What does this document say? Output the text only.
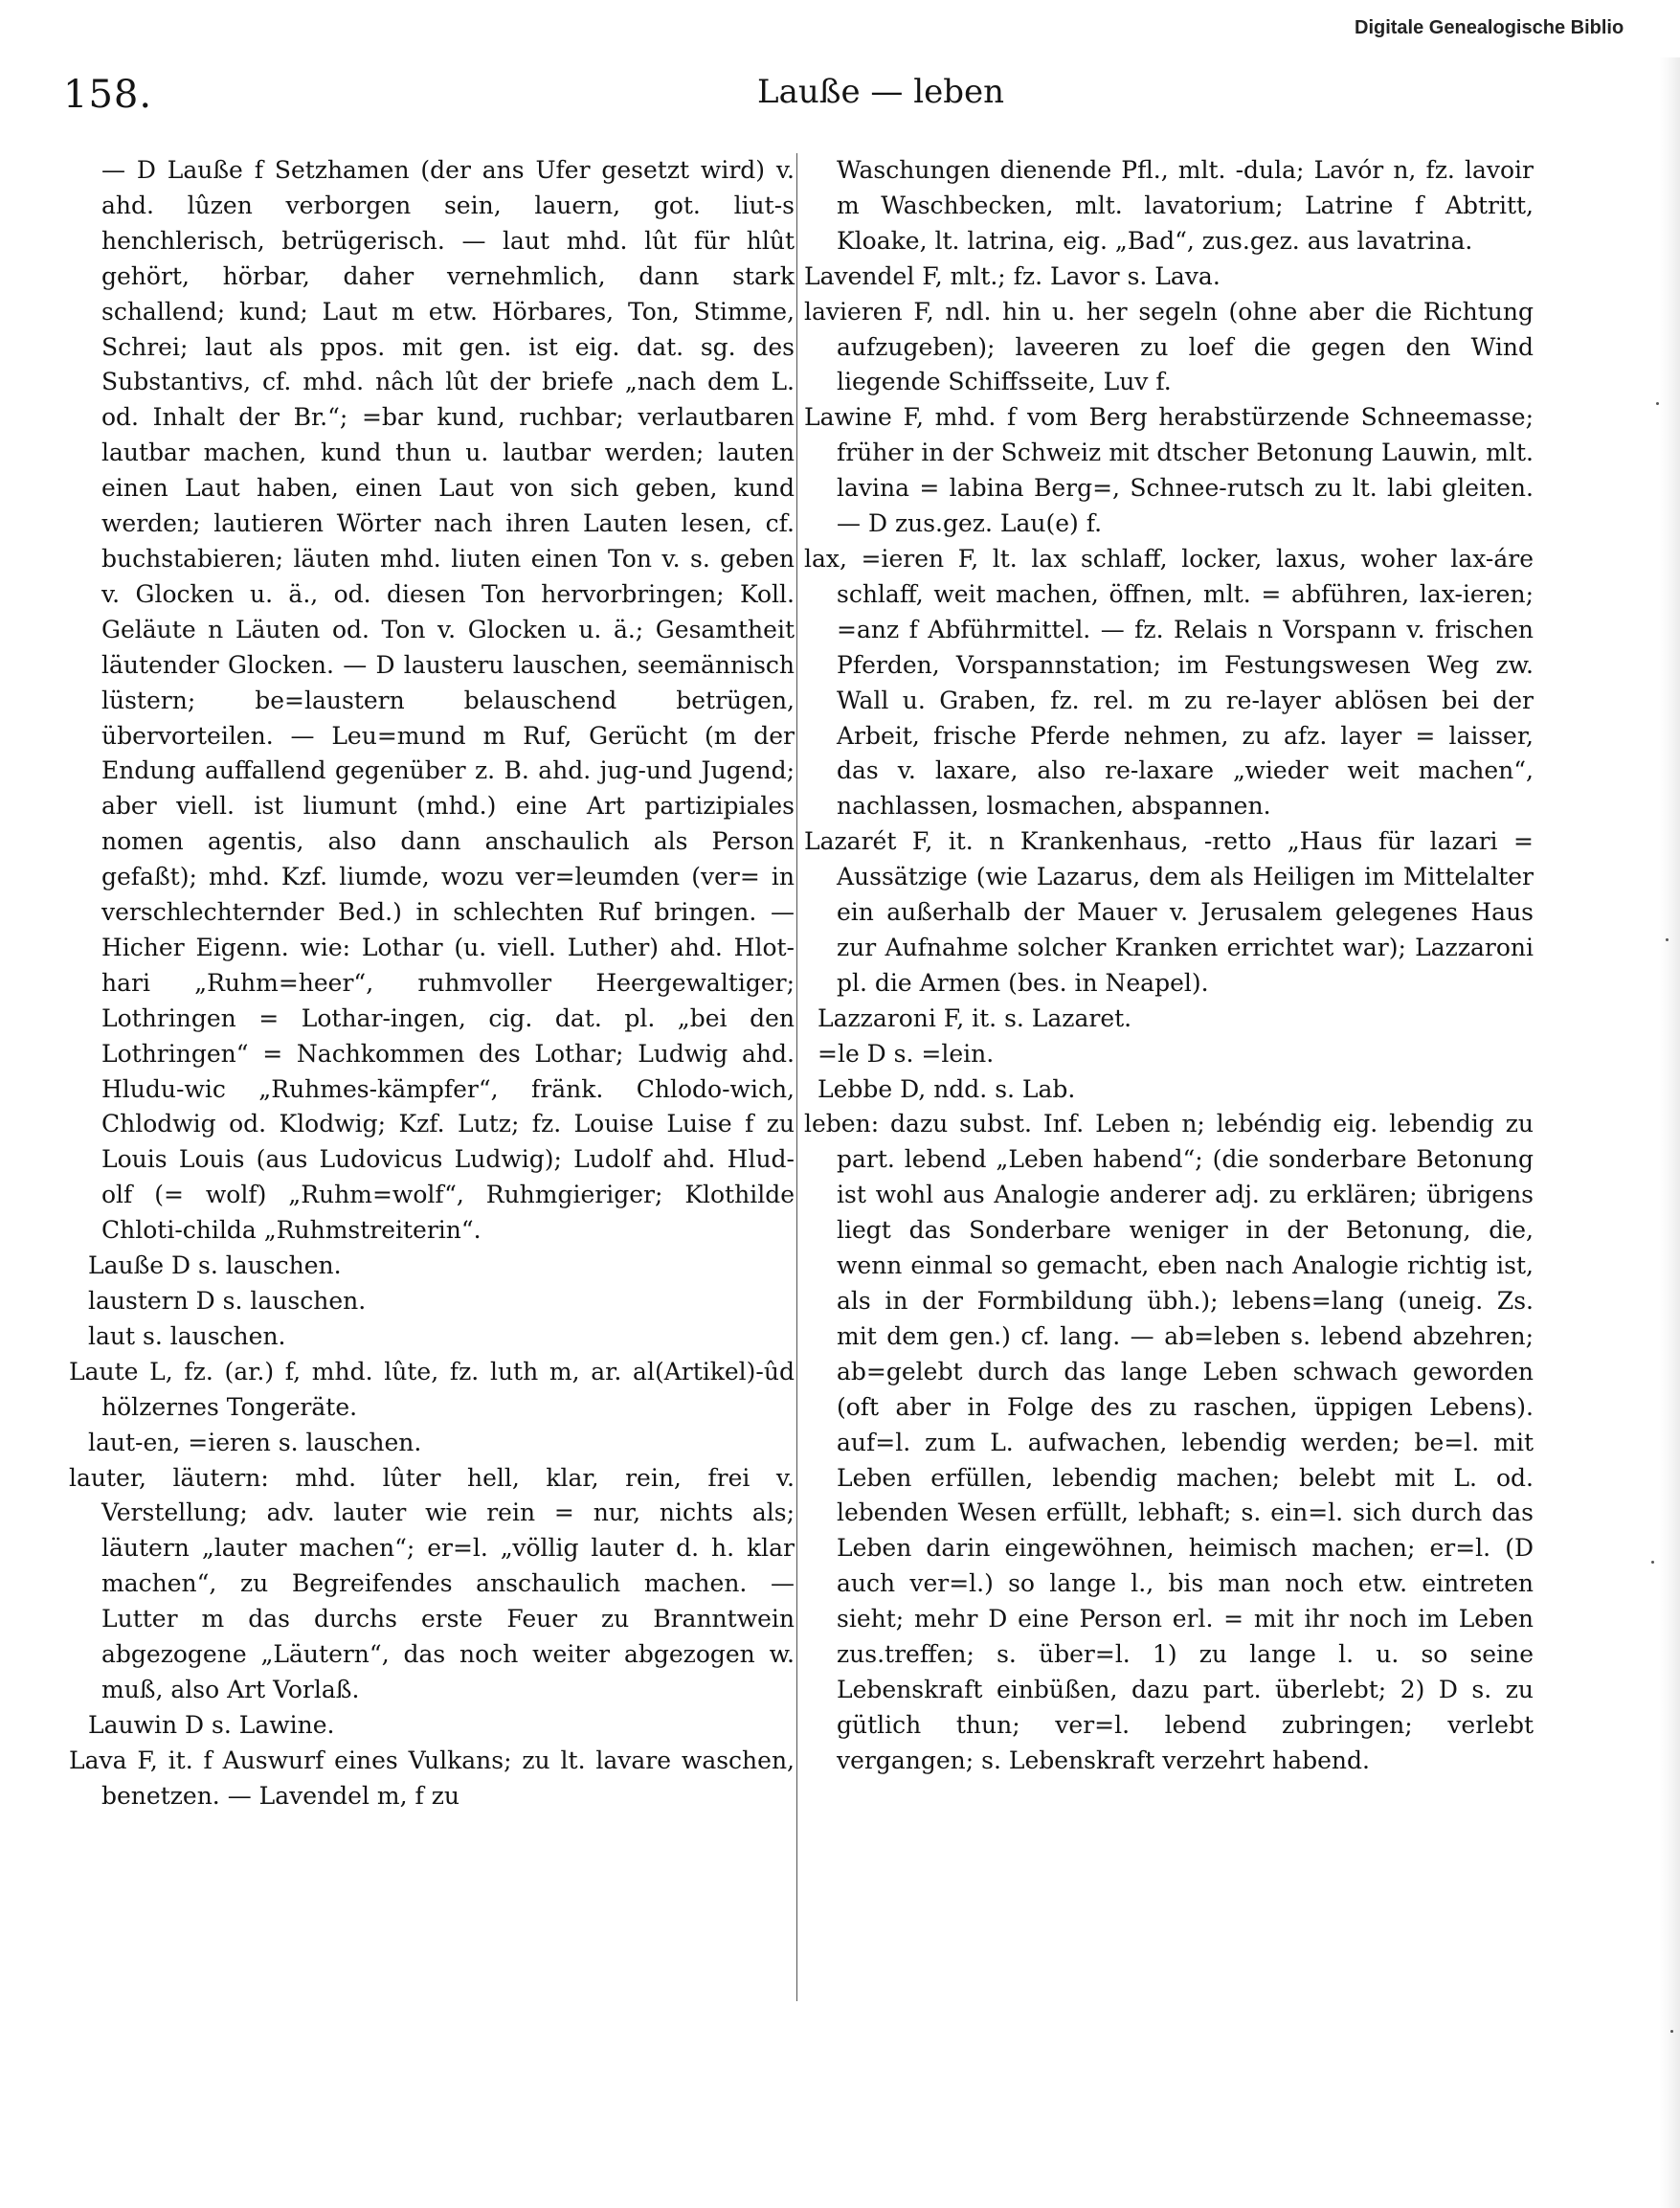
Digitale Genealogische Biblio
158.	Lauße — leben

— D Lauße f Setzhamen (der ans Ufer gesetzt wird) v. ahd. lûzen verborgen sein, lauern, got. liut-s henchlerisch, betrügerisch. — laut mhd. lût für hlût gehört, hörbar, daher vernehmlich, dann stark schallend; kund; Laut m etw. Hörbares, Ton, Stimme, Schrei; laut als ppos. mit gen. ist eig. dat. sg. des Substantivs, cf. mhd. nâch lût der briefe „nach dem L. od. Inhalt der Br.“; =bar kund, ruchbar; verlautbaren lautbar machen, kund thun u. lautbar werden; lauten einen Laut haben, einen Laut von sich geben, kund werden; lautieren Wörter nach ihren Lauten lesen, cf. buchstabieren; läuten mhd. liuten einen Ton v. s. geben v. Glocken u. ä., od. diesen Ton hervorbringen; Koll. Geläute n Läuten od. Ton v. Glocken u. ä.; Gesamtheit läutender Glocken. — D lausteru lauschen, seemännisch lüstern; be=laustern belauschend betrügen, übervorteilen. — Leu=mund m Ruf, Gerücht (m der Endung auffallend gegenüber z. B. ahd. jug-und Jugend; aber viell. ist liumunt (mhd.) eine Art partizipiales nomen agentis, also dann anschaulich als Person gefaßt); mhd. Kzf. liumde, wozu ver=leumden (ver= in verschlechternder Bed.) in schlechten Ruf bringen. — Hicher Eigenn. wie: Lothar (u. viell. Luther) ahd. Hlot-hari „Ruhm=heer“, ruhmvoller Heergewaltiger; Lothringen = Lothar-ingen, cig. dat. pl. „bei den Lothringen“ = Nachkommen des Lothar; Ludwig ahd. Hludu-wic „Ruhmes-kämpfer“, fränk. Chlodo-wich, Chlodwig od. Klodwig; Kzf. Lutz; fz. Louise Luise f zu Louis Louis (aus Ludovicus Ludwig); Ludolf ahd. Hlud-olf (= wolf) „Ruhm=wolf“, Ruhmgieriger; Klothilde Chloti-childa „Ruhmstreiterin“.

Lauße D s. lauschen.

laustern D s. lauschen.

laut s. lauschen.

Laute L, fz. (ar.) f, mhd. lûte, fz. luth m, ar. al(Artikel)-ûd hölzernes Tongeräte.

laut-en, =ieren s. lauschen.

lauter, läutern: mhd. lûter hell, klar, rein, frei v. Verstellung; adv. lauter wie rein = nur, nichts als; läutern „lauter machen“; er=l. „völlig lauter d. h. klar machen“, zu Begreifendes anschaulich machen. — Lutter m das durchs erste Feuer zu Branntwein abgezogene „Läutern“, das noch weiter abgezogen w. muß, also Art Vorlaß.

Lauwin D s. Lawine.

Lava F, it. f Auswurf eines Vulkans; zu lt. lavare waschen, benetzen. — Lavendel m, f zu

Waschungen dienende Pfl., mlt. -dula; Lavór n, fz. lavoir m Waschbecken, mlt. lavatorium; Latrine f Abtritt, Kloake, lt. latrina, eig. „Bad“, zus.gez. aus lavatrina.

Lavendel F, mlt.; fz. Lavor s. Lava.

lavieren F, ndl. hin u. her segeln (ohne aber die Richtung aufzugeben); laveeren zu loef die gegen den Wind liegende Schiffsseite, Luv f.

Lawine F, mhd. f vom Berg herabstürzende Schneemasse; früher in der Schweiz mit dtscher Betonung Lauwin, mlt. lavina = labina Berg=, Schnee-rutsch zu lt. labi gleiten. — D zus.gez. Lau(e) f.

lax, =ieren F, lt. lax schlaff, locker, laxus, woher lax-áre schlaff, weit machen, öffnen, mlt. = abführen, lax-ieren; =anz f Abführmittel. — fz. Relais n Vorspann v. frischen Pferden, Vorspannstation; im Festungswesen Weg zw. Wall u. Graben, fz. rel. m zu re-layer ablösen bei der Arbeit, frische Pferde nehmen, zu afz. layer = laisser, das v. laxare, also re-laxare „wieder weit machen“, nachlassen, losmachen, abspannen.

Lazarét F, it. n Krankenhaus, -retto „Haus für lazari = Aussätzige (wie Lazarus, dem als Heiligen im Mittelalter ein außerhalb der Mauer v. Jerusalem gelegenes Haus zur Aufnahme solcher Kranken errichtet war); Lazzaroni pl. die Armen (bes. in Neapel).

Lazzaroni F, it. s. Lazaret.

=le D s. =lein.

Lebbe D, ndd. s. Lab.

leben: dazu subst. Inf. Leben n; lebéndig eig. lebendig zu part. lebend „Leben habend“; (die sonderbare Betonung ist wohl aus Analogie anderer adj. zu erklären; übrigens liegt das Sonderbare weniger in der Betonung, die, wenn einmal so gemacht, eben nach Analogie richtig ist, als in der Formbildung übh.); lebens=lang (uneig. Zs. mit dem gen.) cf. lang. — ab=leben s. lebend abzehren; ab=gelebt durch das lange Leben schwach geworden (oft aber in Folge des zu raschen, üppigen Lebens). auf=l. zum L. aufwachen, lebendig werden; be=l. mit Leben erfüllen, lebendig machen; belebt mit L. od. lebenden Wesen erfüllt, lebhaft; s. ein=l. sich durch das Leben darin eingewöhnen, heimisch machen; er=l. (D auch ver=l.) so lange l., bis man noch etw. eintreten sieht; mehr D eine Person erl. = mit ihr noch im Leben zus.treffen; s. über=l. 1) zu lange l. u. so seine Lebenskraft einbüßen, dazu part. überlebt; 2) D s. zu gütlich thun; ver=l. lebend zubringen; verlebt vergangen; s. Lebenskraft verzehrt habend.
